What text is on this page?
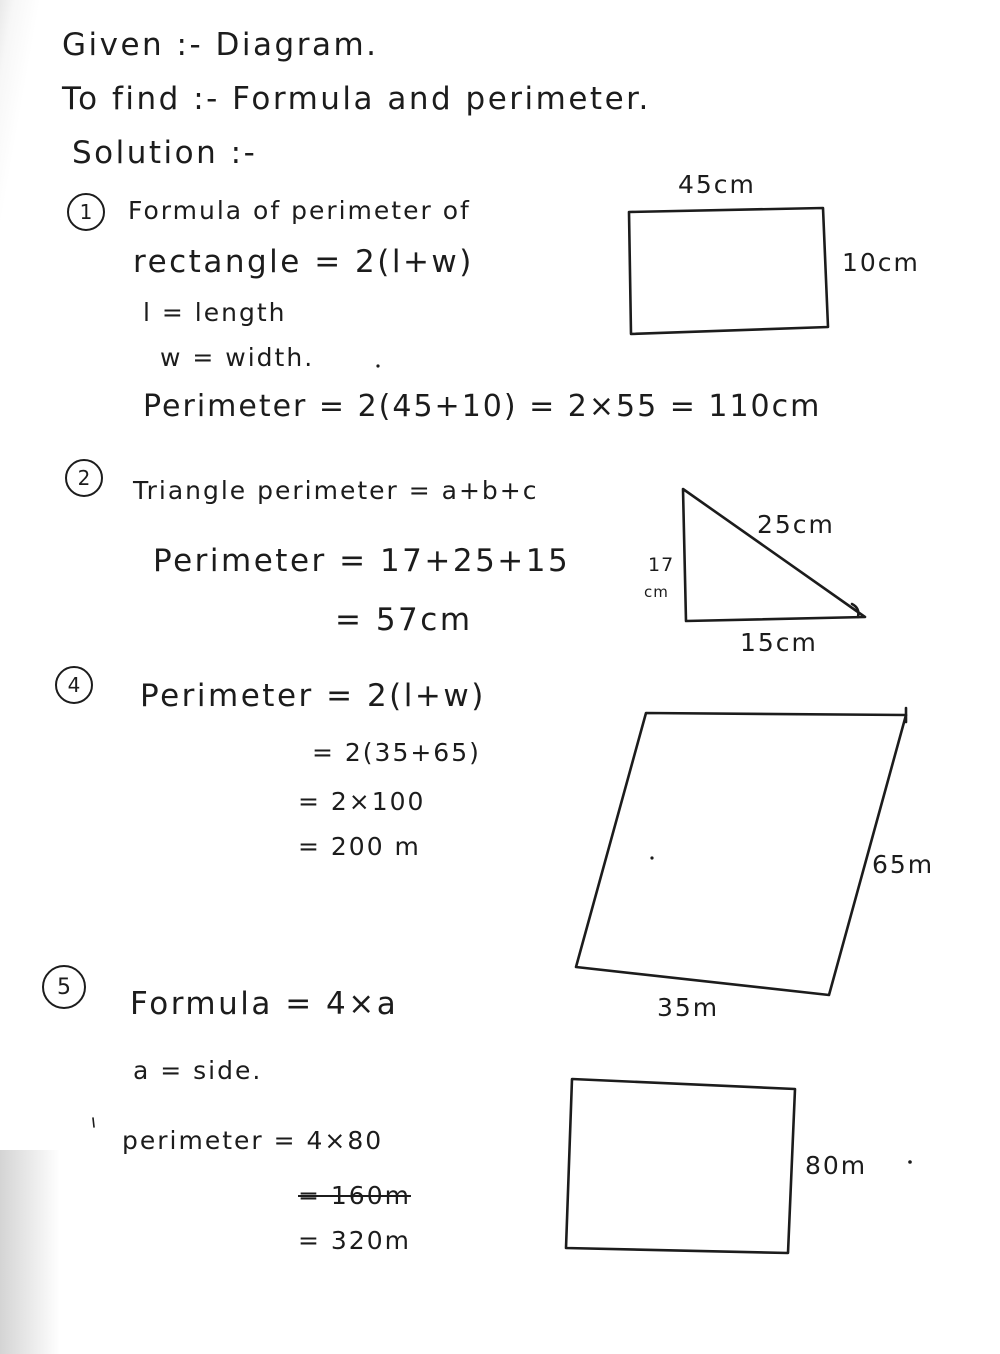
Given :- Diagram.
To find :- Formula and perimeter.
Solution :-
1	Formula of perimeter of
rectangle = 2(l+w)
l = length
w = width.
Perimeter = 2(45+10) = 2×55 = 110cm
45cm
10cm
2	Triangle perimeter = a+b+c
Perimeter = 17+25+15
= 57cm
25cm
17
cm
15cm
4	Perimeter = 2(l+w)
= 2(35+65)
= 2×100
= 200 m
65m
35m
5	Formula = 4×a
a = side.
perimeter = 4×80
= 160m
= 320m
80m
